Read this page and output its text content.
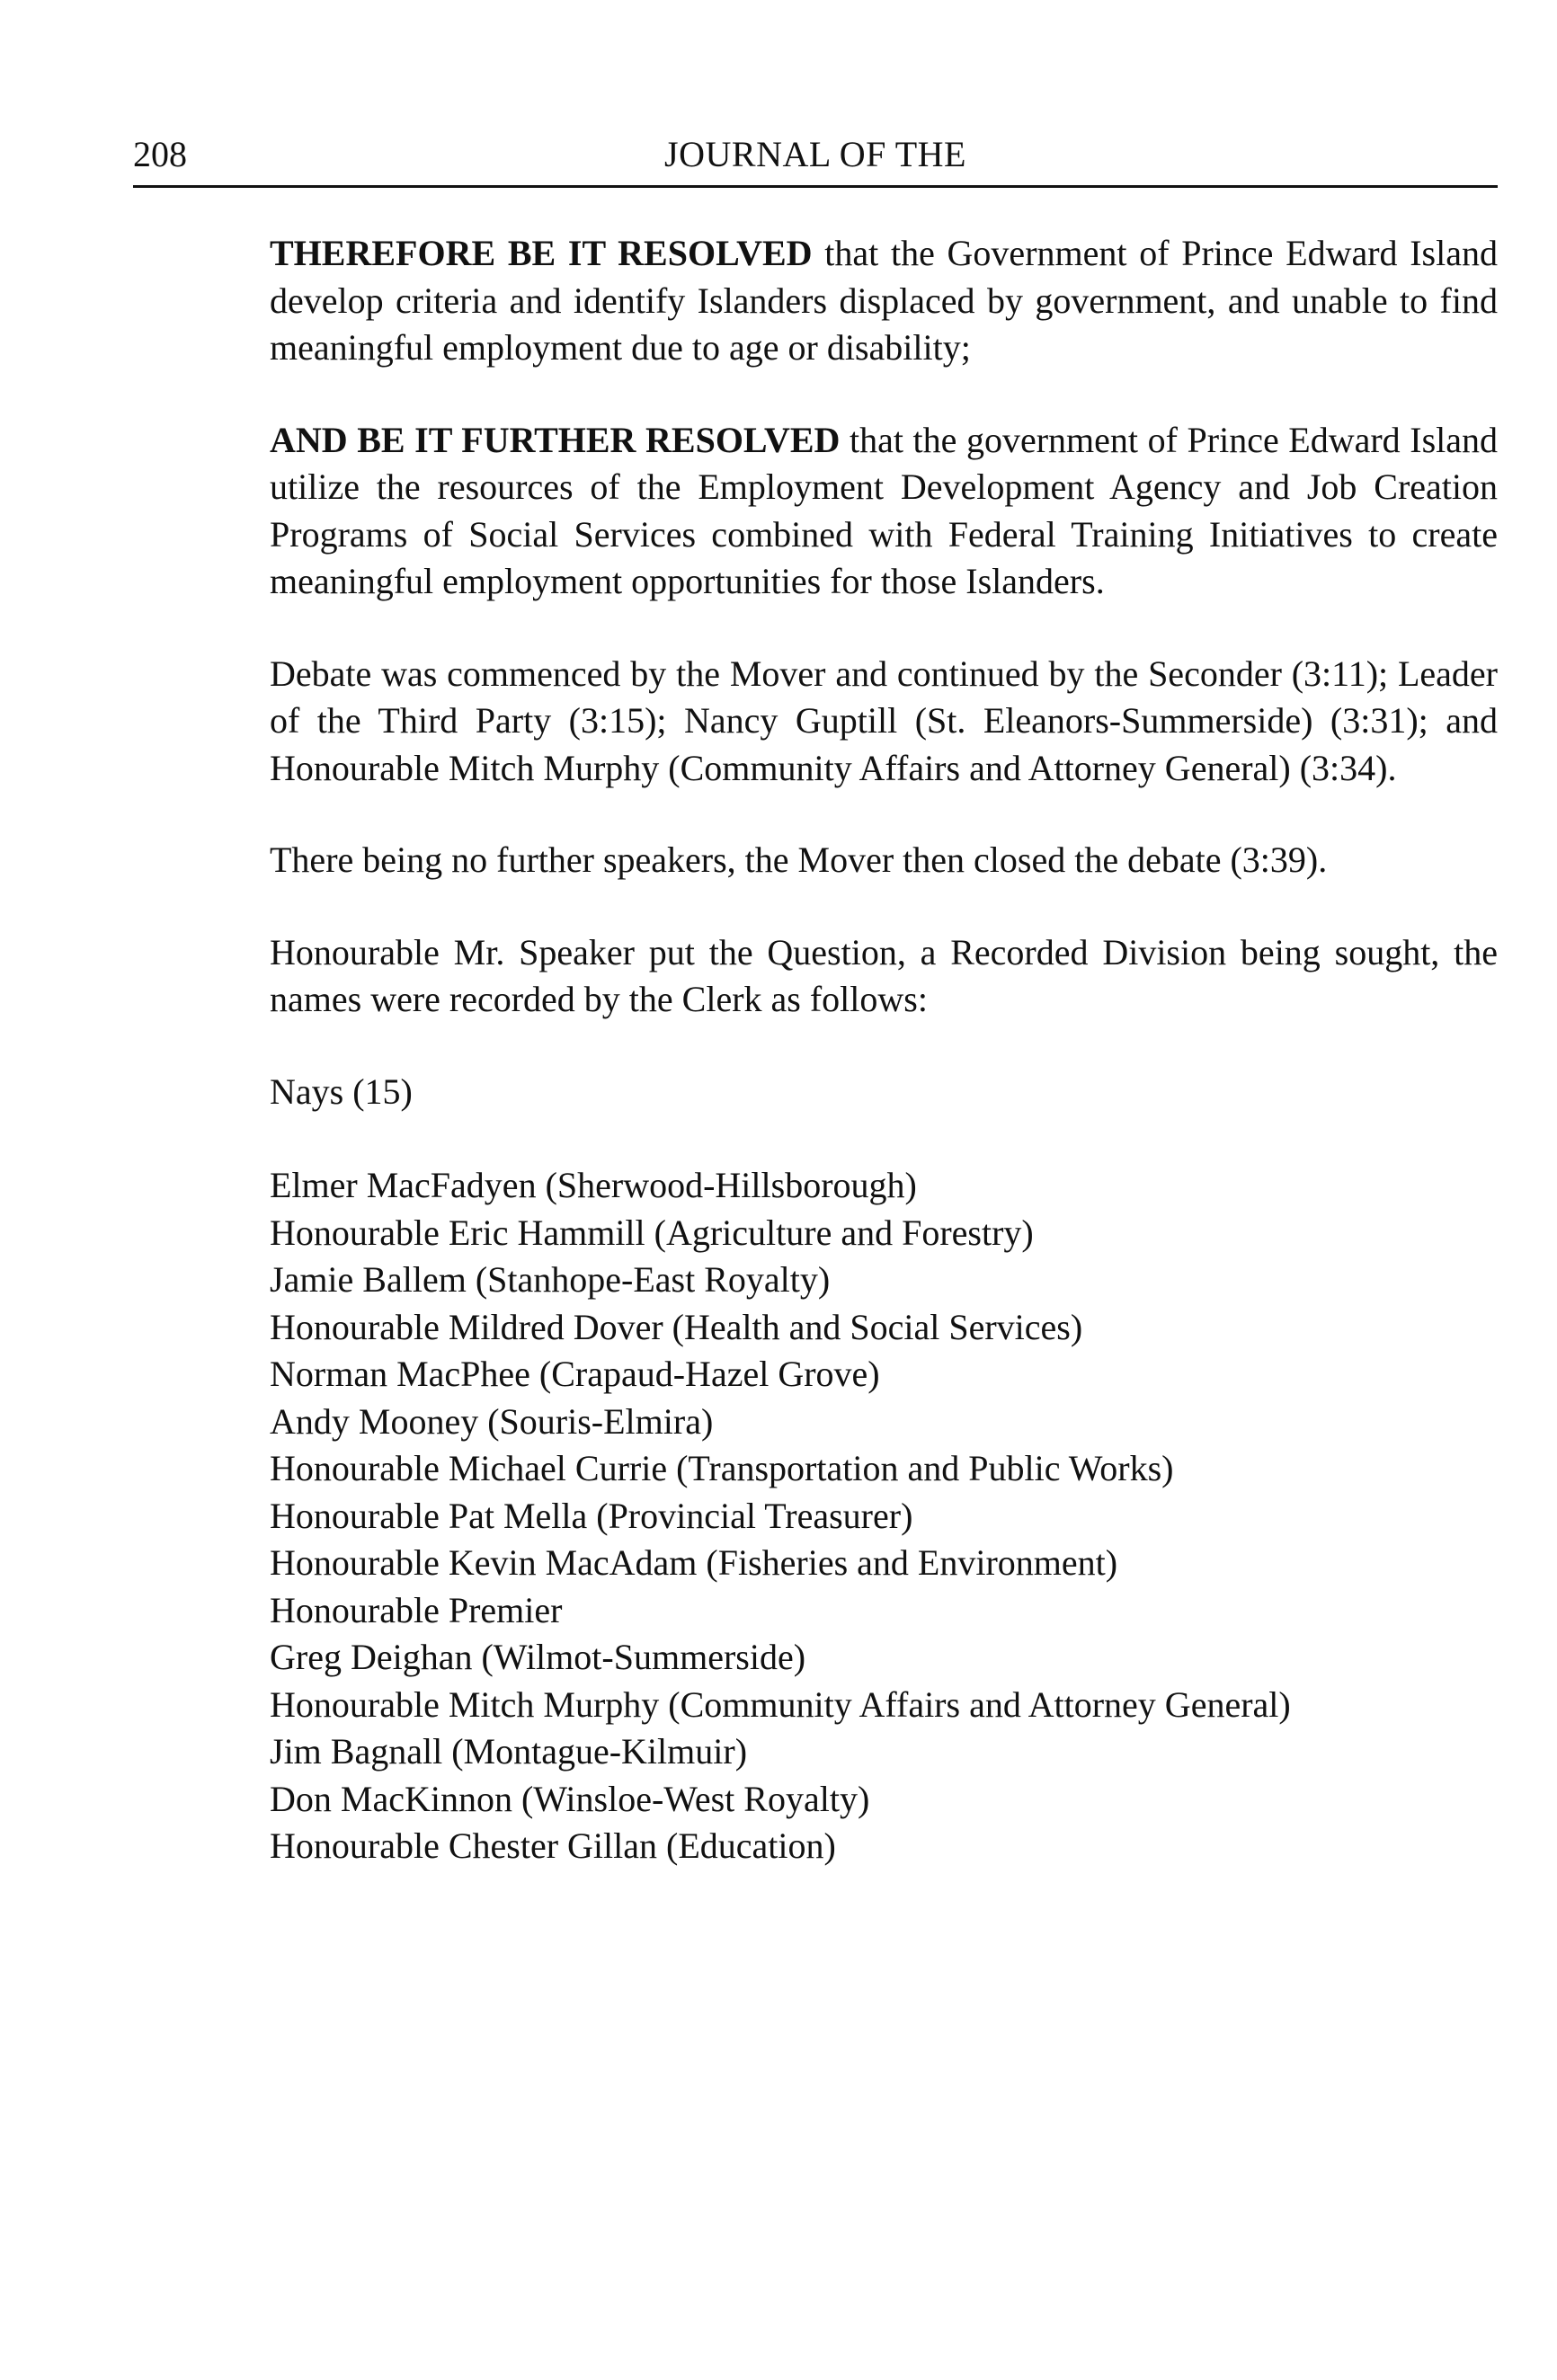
208	JOURNAL OF THE

THEREFORE BE IT RESOLVED that the Government of Prince Edward Island develop criteria and identify Islanders displaced by government, and unable to find meaningful employment due to age or disability;

AND BE IT FURTHER RESOLVED that the government of Prince Edward Island utilize the resources of the Employment Development Agency and Job Creation Programs of Social Services combined with Federal Training Initiatives to create meaningful employment opportunities for those Islanders.

Debate was commenced by the Mover and continued by the Seconder (3:11); Leader of the Third Party (3:15); Nancy Guptill (St. Eleanors-Summerside) (3:31); and Honourable Mitch Murphy (Community Affairs and Attorney General) (3:34).

There being no further speakers, the Mover then closed the debate (3:39).

Honourable Mr. Speaker put the Question, a Recorded Division being sought, the names were recorded by the Clerk as follows:

Nays (15)

Elmer MacFadyen (Sherwood-Hillsborough)
Honourable Eric Hammill (Agriculture and Forestry)
Jamie Ballem (Stanhope-East Royalty)
Honourable Mildred Dover (Health and Social Services)
Norman MacPhee (Crapaud-Hazel Grove)
Andy Mooney (Souris-Elmira)
Honourable Michael Currie (Transportation and Public Works)
Honourable Pat Mella (Provincial Treasurer)
Honourable Kevin MacAdam (Fisheries and Environment)
Honourable Premier
Greg Deighan (Wilmot-Summerside)
Honourable Mitch Murphy (Community Affairs and Attorney General)
Jim Bagnall (Montague-Kilmuir)
Don MacKinnon (Winsloe-West Royalty)
Honourable Chester Gillan (Education)
